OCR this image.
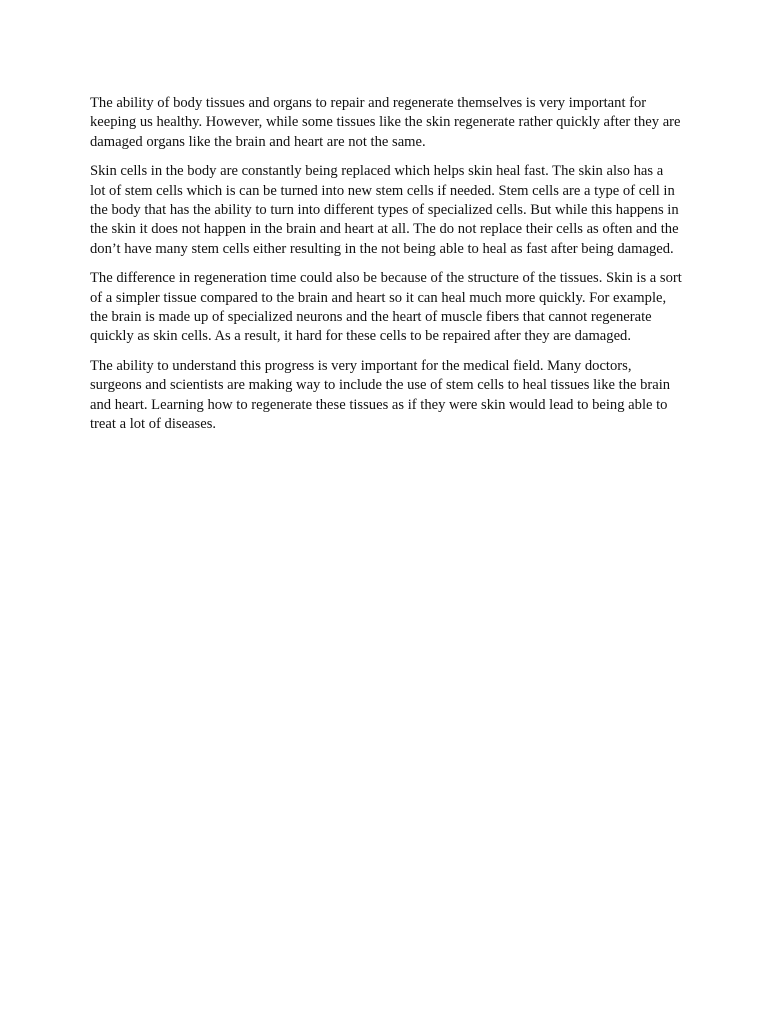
The ability of body tissues and organs to repair and regenerate themselves is very important for keeping us healthy. However, while some tissues like the skin regenerate rather quickly after they are damaged organs like the brain and heart are not the same.

Skin cells in the body are constantly being replaced which helps skin heal fast. The skin also has a lot of stem cells which is can be turned into new stem cells if needed. Stem cells are a type of cell in the body that has the ability to turn into different types of specialized cells. But while this happens in the skin it does not happen in the brain and heart at all. The do not replace their cells as often and the don’t have many stem cells either resulting in the not being able to heal as fast after being damaged.

The difference in regeneration time could also be because of the structure of the tissues. Skin is a sort of a simpler tissue compared to the brain and heart so it can heal much more quickly. For example, the brain is made up of specialized neurons and the heart of muscle fibers that cannot regenerate quickly as skin cells. As a result, it hard for these cells to be repaired after they are damaged.

The ability to understand this progress is very important for the medical field. Many doctors, surgeons and scientists are making way to include the use of stem cells to heal tissues like the brain and heart. Learning how to regenerate these tissues as if they were skin would lead to being able to treat a lot of diseases.
